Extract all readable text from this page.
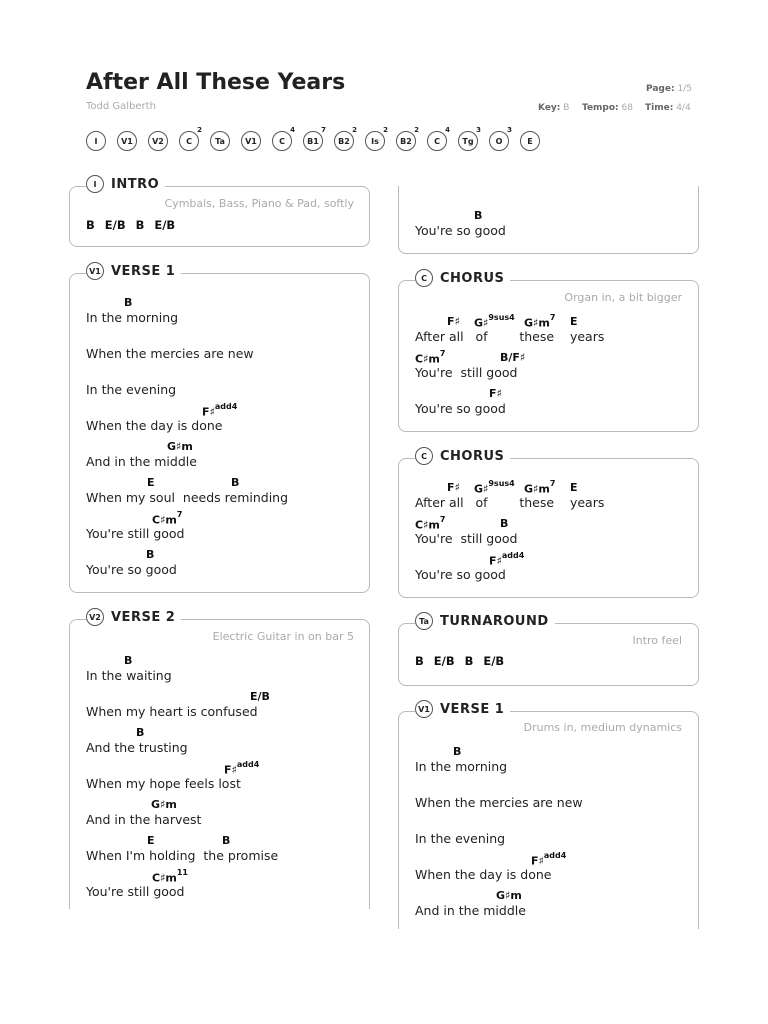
After All These Years
Todd Galberth
Page: 1/5
Key: B Tempo: 68 Time: 4/4
I	V1 V2	C
2
Ta	V1	C
4
B1
7
B2
2
Is
2
B2
2
C
4
Tg
3
O
3
E
I	INTRO
Cymbals, Bass, Piano & Pad, softly
B E/B B E/B
V1 VERSE 1
B
In the morning
When the mercies are new
In the evening
F♯$^{add4}$
When the day is done
G♯m
And in the middle
E	B
When my soul  needs reminding
$C♯m^7$
You're still good
B
You're so good
V2 VERSE 2
Electric Guitar in on bar 5
B
In the waiting
E/B
When my heart is confused
B
And the trusting
F♯$^{add4}$
When my hope feels lost
G♯m
And in the harvest
E	B
When I'm holding  the promise
$C♯m^{11}$
You're still good
B
You're so good
C	CHORUS
Organ in, a bit bigger
F♯ G♯$^{9sus4}$ $G♯m^7$ E
After all   of        these    years
$C♯m^7$	B/F♯
You're  still good
F♯
You're so good
C	CHORUS
F♯ G♯$^{9sus4}$ $G♯m^7$ E
After all   of        these    years
$C♯m^7$	B
You're  still good
F♯$^{add4}$
You're so good
Ta TURNAROUND
Intro feel
B E/B B E/B
V1 VERSE 1
Drums in, medium dynamics
B
In the morning
When the mercies are new
In the evening
F♯$^{add4}$
When the day is done
G♯m
And in the middle
